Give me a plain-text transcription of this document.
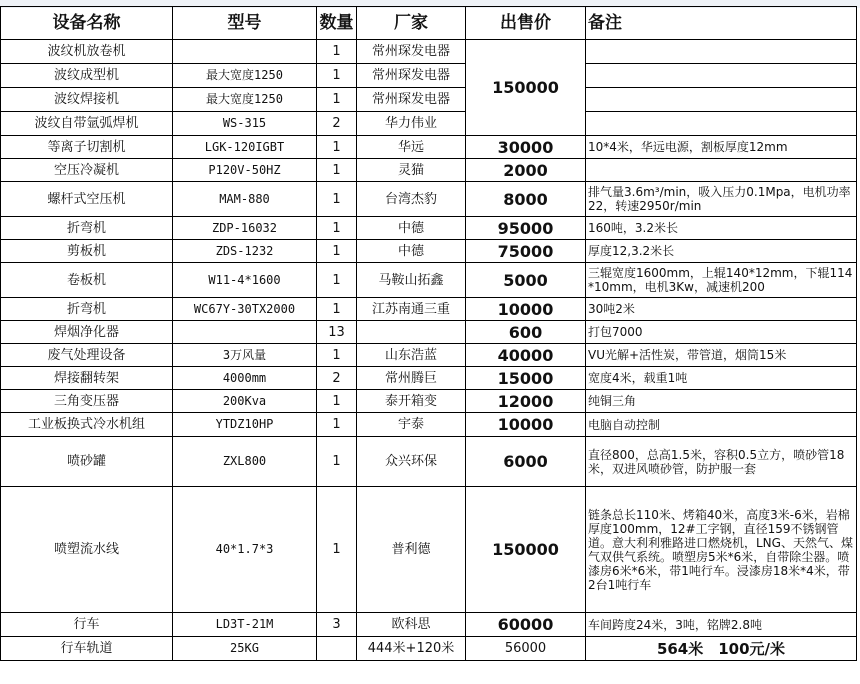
设备名称	型号	数量	厂家	出售价	备注
波纹机放卷机		1	常州琛发电器	150000	
波纹成型机	最大宽度1250	1	常州琛发电器		
波纹焊接机	最大宽度1250	1	常州琛发电器		
波纹自带氩弧焊机	WS-315	2	华力伟业		
等离子切割机	LGK-120IGBT	1	华远	30000	10*4米，华远电源，割板厚度12mm
空压冷凝机	P120V-50HZ	1	灵猫	2000	
螺杆式空压机	MAM-880	1	台湾杰豹	8000	排气量3.6m³/min，吸入压力0.1Mpa，电机功率22，转速2950r/min
折弯机	ZDP-16032	1	中德	95000	160吨，3.2米长
剪板机	ZDS-1232	1	中德	75000	厚度12,3.2米长
卷板机	W11-4*1600	1	马鞍山拓鑫	5000	三辊宽度1600mm，上辊140*12mm，下辊114*10mm，电机3Kw，减速机200
折弯机	WC67Y-30TX2000	1	江苏南通三重	10000	30吨2米
焊烟净化器		13		600	打包7000
废气处理设备	3万风量	1	山东浩蓝	40000	VU光解+活性炭，带管道，烟筒15米
焊接翻转架	4000mm	2	常州腾巨	15000	宽度4米，载重1吨
三角变压器	200Kva	1	泰开箱变	12000	纯铜三角
工业板换式冷水机组	YTDZ10HP	1	宇泰	10000	电脑自动控制
喷砂罐	ZXL800	1	众兴环保	6000	直径800，总高1.5米，容积0.5立方，喷砂管18米，双进风喷砂管，防护服一套
喷塑流水线	40*1.7*3	1	普利德	150000	链条总长110米、烤箱40米，高度3米-6米，岩棉厚度100mm，12#工字钢，直径159不锈钢管道。意大利利雅路进口燃烧机，LNG、天然气、煤气双供气系统。喷塑房5米*6米，自带除尘器。喷漆房6米*6米，带1吨行车。浸漆房18米*4米，带2台1吨行车
行车	LD3T-21M	3	欧科思	60000	车间跨度24米，3吨，铭牌2.8吨
行车轨道	25KG		444米+120米	56000	564米　100元/米
